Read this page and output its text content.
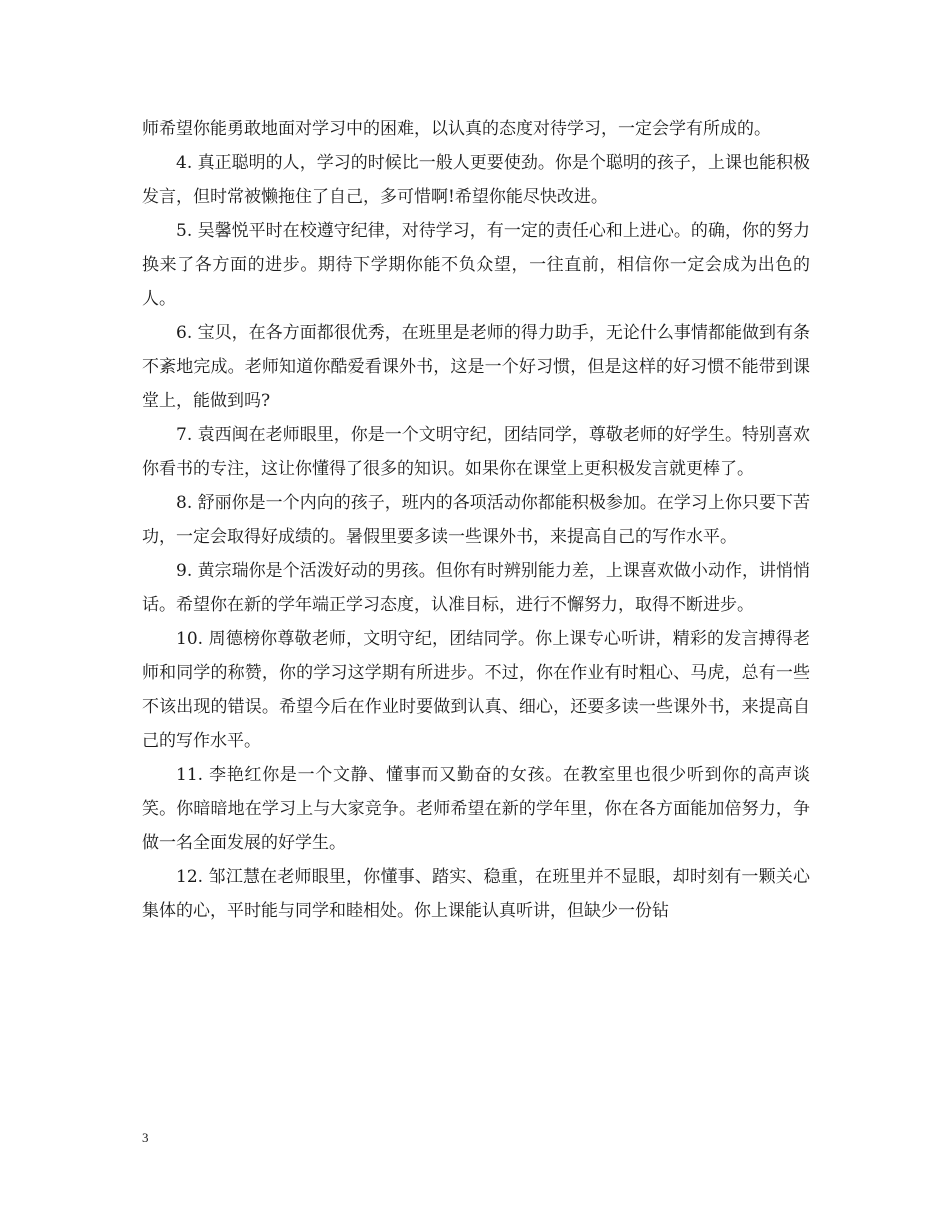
师希望你能勇敢地面对学习中的困难，以认真的态度对待学习，一定会学有所成的。

4. 真正聪明的人，学习的时候比一般人更要使劲。你是个聪明的孩子，上课也能积极发言，但时常被懒拖住了自己，多可惜啊!希望你能尽快改进。

5. 吴馨悦平时在校遵守纪律，对待学习，有一定的责任心和上进心。的确，你的努力换来了各方面的进步。期待下学期你能不负众望，一往直前，相信你一定会成为出色的人。

6. 宝贝，在各方面都很优秀，在班里是老师的得力助手，无论什么事情都能做到有条不紊地完成。老师知道你酷爱看课外书，这是一个好习惯，但是这样的好习惯不能带到课堂上，能做到吗?

7. 袁西闽在老师眼里，你是一个文明守纪，团结同学，尊敬老师的好学生。特别喜欢你看书的专注，这让你懂得了很多的知识。如果你在课堂上更积极发言就更棒了。

8. 舒丽你是一个内向的孩子，班内的各项活动你都能积极参加。在学习上你只要下苦功，一定会取得好成绩的。暑假里要多读一些课外书，来提高自己的写作水平。

9. 黄宗瑞你是个活泼好动的男孩。但你有时辨别能力差，上课喜欢做小动作，讲悄悄话。希望你在新的学年端正学习态度，认准目标，进行不懈努力，取得不断进步。

10. 周德榜你尊敬老师，文明守纪，团结同学。你上课专心听讲，精彩的发言搏得老师和同学的称赞，你的学习这学期有所进步。不过，你在作业有时粗心、马虎，总有一些不该出现的错误。希望今后在作业时要做到认真、细心，还要多读一些课外书，来提高自己的写作水平。

11. 李艳红你是一个文静、懂事而又勤奋的女孩。在教室里也很少听到你的高声谈笑。你暗暗地在学习上与大家竞争。老师希望在新的学年里，你在各方面能加倍努力，争做一名全面发展的好学生。

12. 邹江慧在老师眼里，你懂事、踏实、稳重，在班里并不显眼，却时刻有一颗关心集体的心，平时能与同学和睦相处。你上课能认真听讲，但缺少一份钻

3
